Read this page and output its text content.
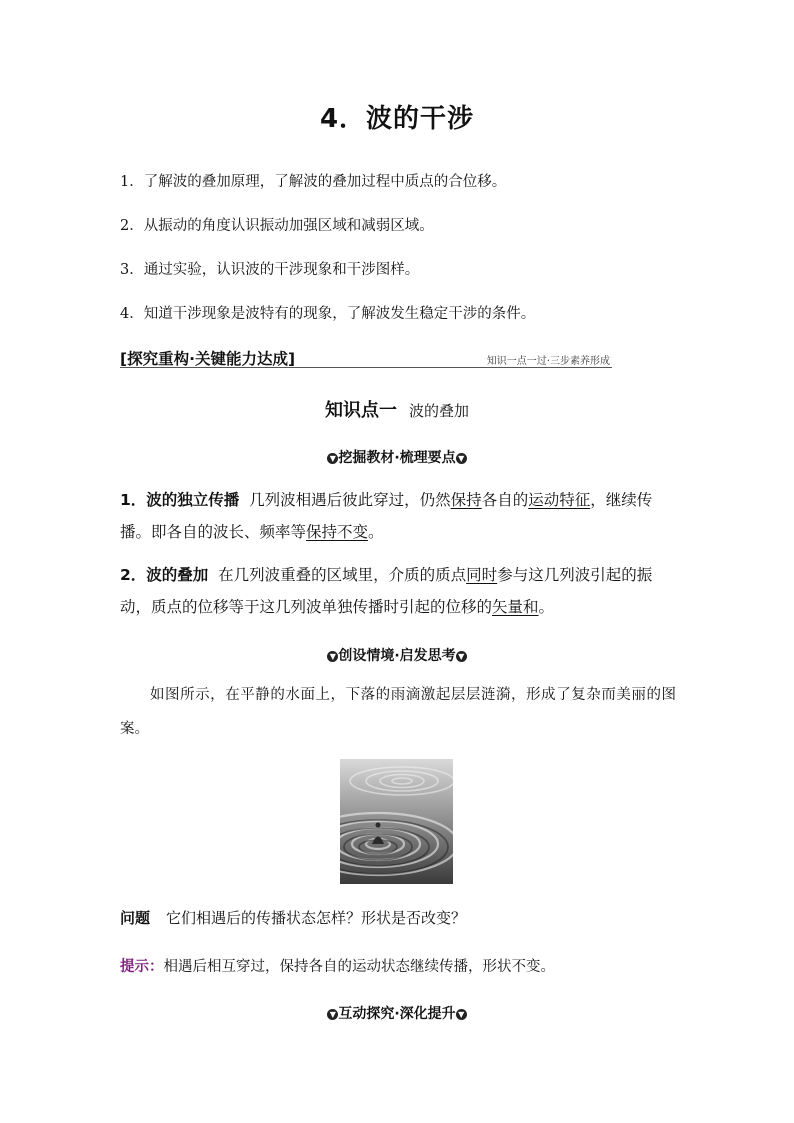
4．波的干涉
1．了解波的叠加原理，了解波的叠加过程中质点的合位移。
2．从振动的角度认识振动加强区域和减弱区域。
3．通过实验，认识波的干涉现象和干涉图样。
4．知道干涉现象是波特有的现象，了解波发生稳定干涉的条件。
[探究重构·关键能力达成]	知识一点一过·三步素养形成
知识点一 波的叠加
▼ 挖掘教材·梳理要点 ▼
1．波的独立传播 几列波相遇后彼此穿过，仍然保持各自的运动特征，继续传播。即各自的波长、频率等保持不变。
2．波的叠加 在几列波重叠的区域里，介质的质点同时参与这几列波引起的振动，质点的位移等于这几列波单独传播时引起的位移的矢量和。
▼ 创设情境·启发思考 ▼
如图所示，在平静的水面上，下落的雨滴激起层层涟漪，形成了复杂而美丽的图案。
问题 它们相遇后的传播状态怎样？形状是否改变？
提示：相遇后相互穿过，保持各自的运动状态继续传播，形状不变。
▼ 互动探究·深化提升 ▼
